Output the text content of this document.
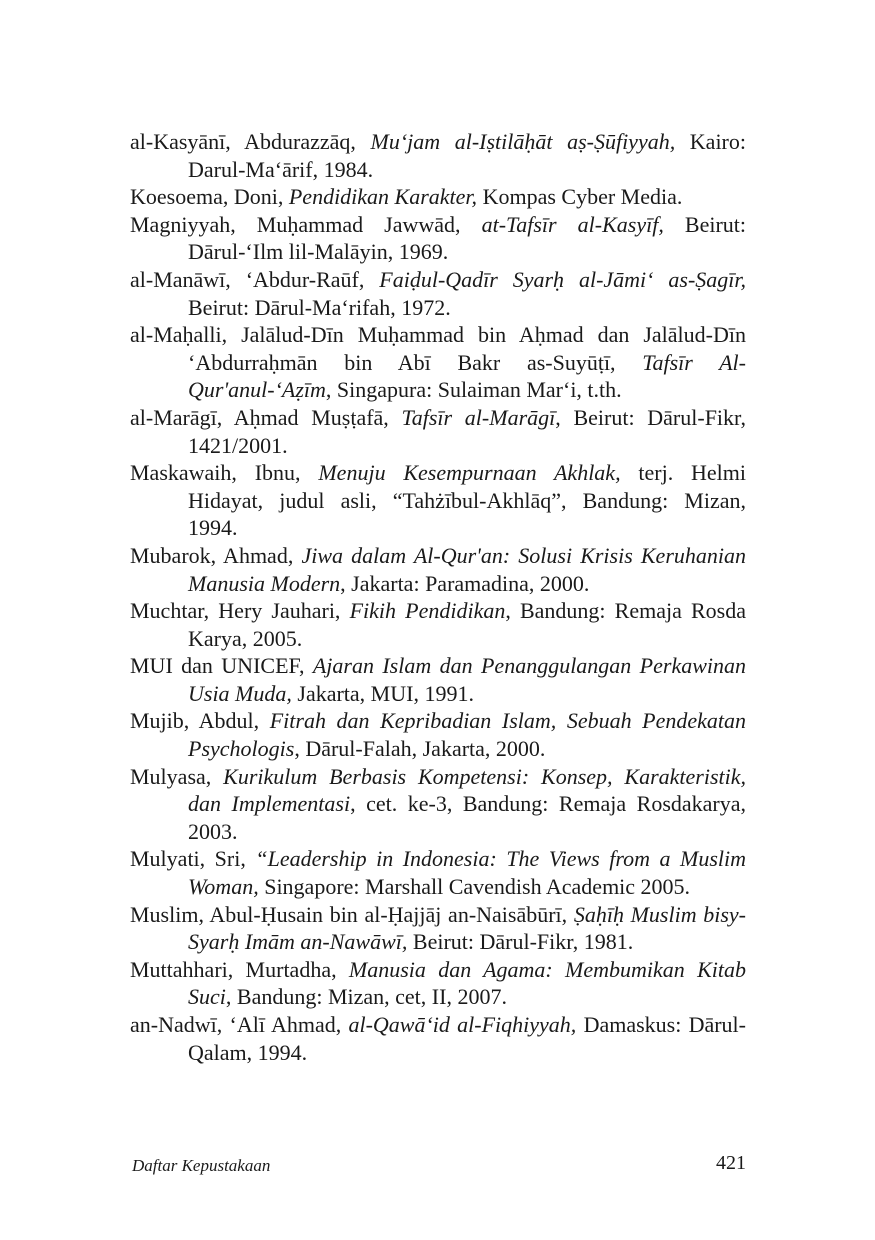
al-Kasyānī, Abdurazzāq, Mu‘jam al-Iṣtilāḥāt aṣ-Ṣūfiyyah, Kairo: Darul-Ma‘ārif, 1984.

Koesoema, Doni, Pendidikan Karakter, Kompas Cyber Media.

Magniyyah, Muḥammad Jawwād, at-Tafsīr al-Kasyīf, Beirut: Dārul-‘Ilm lil-Malāyin, 1969.

al-Manāwī, ‘Abdur-Raūf, Faiḍul-Qadīr Syarḥ al-Jāmi‘ as-Ṣagīr, Beirut: Dārul-Ma‘rifah, 1972.

al-Maḥalli, Jalālud-Dīn Muḥammad bin Aḥmad dan Jalālud-Dīn ‘Abdurraḥmān bin Abī Bakr as-Suyūṭī, Tafsīr Al-Qur'anul-‘Aẓīm, Singapura: Sulaiman Mar‘i, t.th.

al-Marāgī, Aḥmad Muṣṭafā, Tafsīr al-Marāgī, Beirut: Dārul-Fikr, 1421/2001.

Maskawaih, Ibnu, Menuju Kesempurnaan Akhlak, terj. Helmi Hidayat, judul asli, “Tahżībul-Akhlāq”, Bandung: Mizan, 1994.

Mubarok, Ahmad, Jiwa dalam Al-Qur'an: Solusi Krisis Keruhanian Manusia Modern, Jakarta: Paramadina, 2000.

Muchtar, Hery Jauhari, Fikih Pendidikan, Bandung: Remaja Rosda Karya, 2005.

MUI dan UNICEF, Ajaran Islam dan Penanggulangan Perkawinan Usia Muda, Jakarta, MUI, 1991.

Mujib, Abdul, Fitrah dan Kepribadian Islam, Sebuah Pendekatan Psychologis, Dārul-Falah, Jakarta, 2000.

Mulyasa, Kurikulum Berbasis Kompetensi: Konsep, Karakteristik, dan Implementasi, cet. ke-3, Bandung: Remaja Rosdakarya, 2003.

Mulyati, Sri, “Leadership in Indonesia: The Views from a Muslim Woman, Singapore: Marshall Cavendish Academic 2005.

Muslim, Abul-Ḥusain bin al-Ḥajjāj an-Naisābūrī, Ṣaḥīḥ Muslim bisy-Syarḥ Imām an-Nawāwī, Beirut: Dārul-Fikr, 1981.

Muttahhari, Murtadha, Manusia dan Agama: Membumikan Kitab Suci, Bandung: Mizan, cet, II, 2007.

an-Nadwī, ‘Alī Ahmad, al-Qawā‘id al-Fiqhiyyah, Damaskus: Dārul-Qalam, 1994.

Daftar Kepustakaan	421
